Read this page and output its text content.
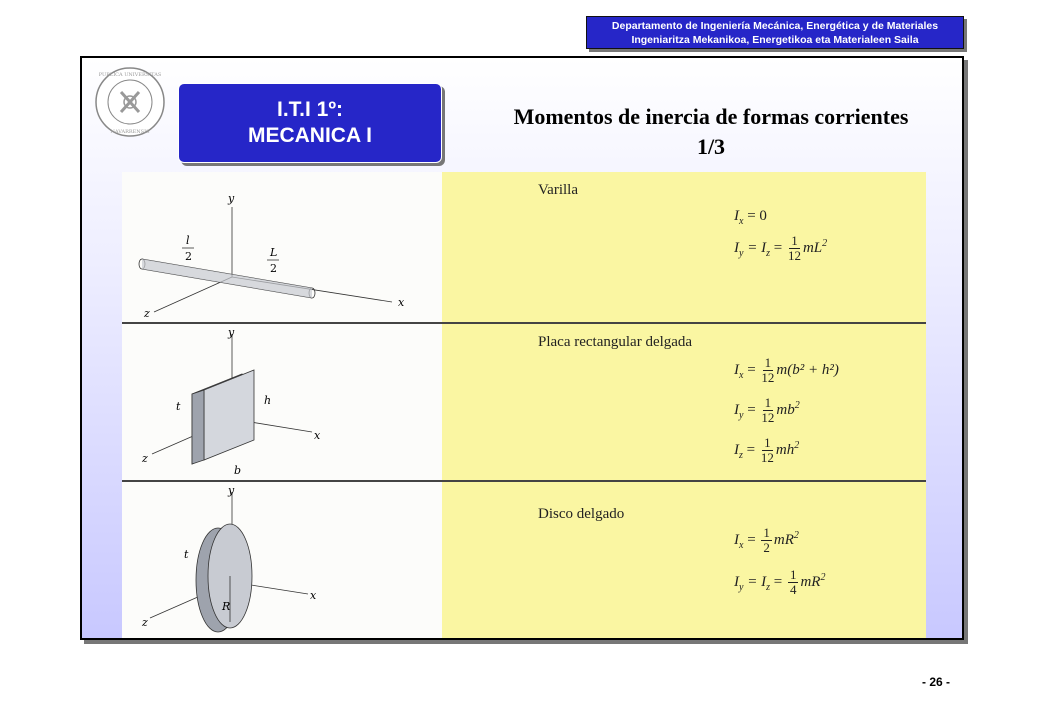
Departamento de Ingeniería Mecánica, Energética y de Materiales
Ingeniaritza Mekanikoa, Energetikoa eta Materialeen Saila
PUBLICA UNIVERSITAS
NAVARRENSIS
I.T.I 1º:
MECANICA I
Momentos de inercia de formas corrientes
1/3
y
x
z
l
2	L
2
Varilla
$I_x = 0$
$I_y = I_z = \frac{1}{12} mL^2$
y
x
z
t	h
b
Placa rectangular delgada
$I_x = \frac{1}{12} m(b^2 + h^2)$
$I_y = \frac{1}{12} mb^2$
$I_z = \frac{1}{12} mh^2$
y
x
z
t
R
Disco delgado
$I_x = \frac{1}{2} mR^2$
$I_y = I_z = \frac{1}{4} mR^2$
- 26 -
